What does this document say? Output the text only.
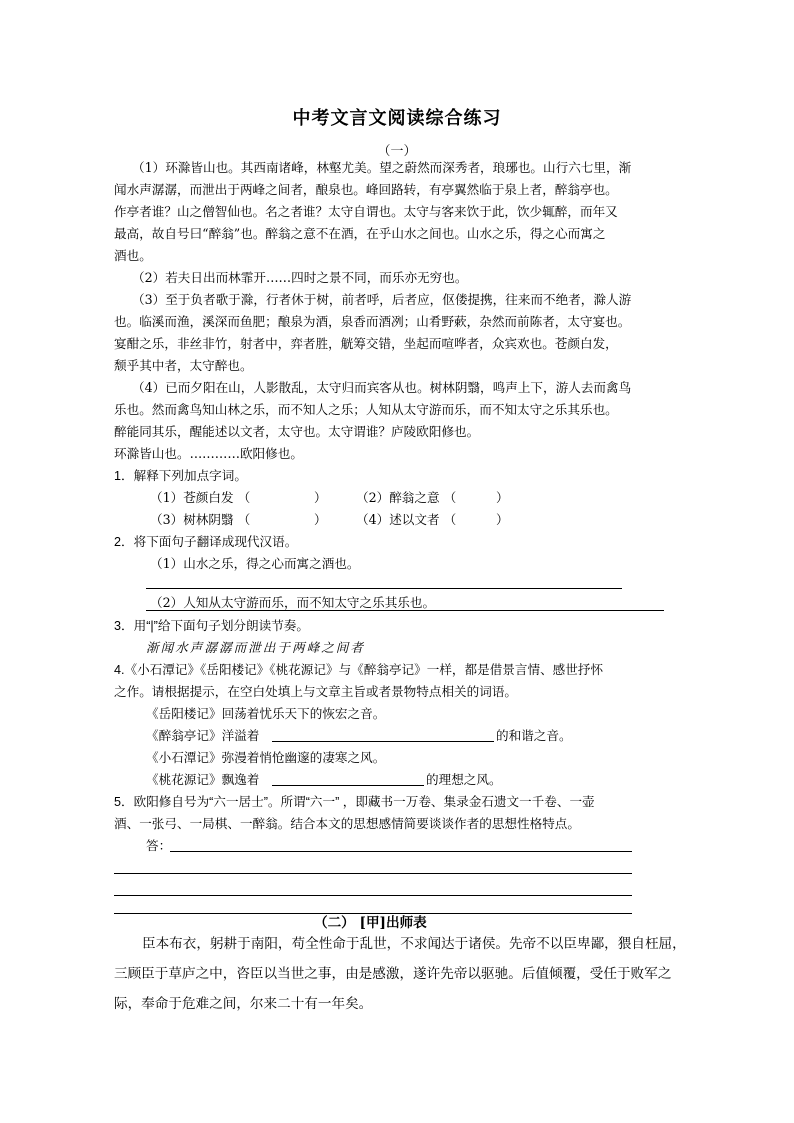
中考文言文阅读综合练习
（一）
（1）环滁皆山也。其西南诸峰，林壑尤美。望之蔚然而深秀者，琅琊也。山行六七里，渐
闻水声潺潺，而泄出于两峰之间者，酿泉也。峰回路转，有亭翼然临于泉上者，醉翁亭也。
作亭者谁？山之僧智仙也。名之者谁？太守自谓也。太守与客来饮于此，饮少辄醉，而年又
最高，故自号曰“醉翁”也。醉翁之意不在酒，在乎山水之间也。山水之乐，得之心而寓之
酒也。
（2）若夫日出而林霏开……四时之景不同，而乐亦无穷也。
（3）至于负者歌于滁，行者休于树，前者呼，后者应，伛偻提携，往来而不绝者，滁人游
也。临溪而渔，溪深而鱼肥；酿泉为酒，泉香而酒冽；山肴野蔌，杂然而前陈者，太守宴也。
宴酣之乐，非丝非竹，射者中，弈者胜，觥筹交错，坐起而喧哗者，众宾欢也。苍颜白发，
颓乎其中者，太守醉也。
（4）已而夕阳在山，人影散乱，太守归而宾客从也。树林阴翳，鸣声上下，游人去而禽鸟
乐也。然而禽鸟知山林之乐，而不知人之乐；人知从太守游而乐，而不知太守之乐其乐也。
醉能同其乐，醒能述以文者，太守也。太守谓谁？庐陵欧阳修也。
环滁皆山也。…………欧阳修也。
1．解释下列加点字词。
（1）苍颜白发 （	） （2）醉翁之意 （	）
（3）树林阴翳 （	） （4）述以文者 （	）
2．将下面句子翻译成现代汉语。
（1）山水之乐，得之心而寓之酒也。
（2）人知从太守游而乐，而不知太守之乐其乐也。
3．用“|”给下面句子划分朗读节奏。
渐 闻 水 声 潺 潺 而 泄 出 于 两 峰 之 间 者
4.《小石潭记》《岳阳楼记》《桃花源记》与《醉翁亭记》一样，都是借景言情、感世抒怀
之作。请根据提示，在空白处填上与文章主旨或者景物特点相关的词语。
《岳阳楼记》回荡着忧乐天下的恢宏之音。
《醉翁亭记》洋溢着	的和谐之音。
《小石潭记》弥漫着悄怆幽邃的凄寒之风。
《桃花源记》飘逸着	的理想之风。
5．欧阳修自号为“六一居士”。所谓“六一” ，即藏书一万卷、集录金石遗文一千卷、一壶
酒、一张弓、一局棋、一醉翁。结合本文的思想感情简要谈谈作者的思想性格特点。
答：
（二） [甲]出师表
臣本布衣，躬耕于南阳，苟全性命于乱世，不求闻达于诸侯。先帝不以臣卑鄙，猥自枉屈，
三顾臣于草庐之中，咨臣以当世之事，由是感激，遂许先帝以驱驰。后值倾覆，受任于败军之
际，奉命于危难之间，尔来二十有一年矣。
